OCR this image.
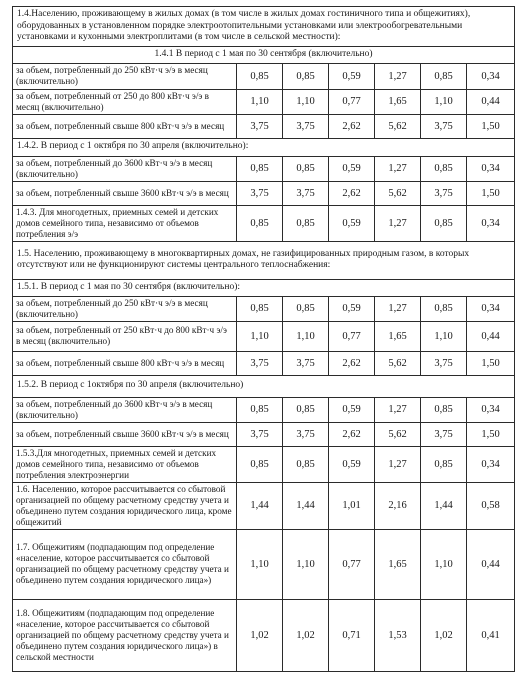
1.4.Населению, проживающему в жилых домах (в том числе в жилых домах гостиничного типа и общежитиях), оборудованных в установленном порядке электроотопительными установками или электрообогревательными установками и кухонными электроплитами (в том числе в сельской местности):						
1.4.1 В период с 1 мая по 30 сентября (включительно)						
за объем, потребленный до 250 кВт·ч э/э в месяц (включительно)	0,85	0,85	0,59	1,27	0,85	0,34
за объем, потребленный от 250 до 800 кВт·ч э/э в месяц (включительно)	1,10	1,10	0,77	1,65	1,10	0,44
за объем, потребленный свыше 800 кВт·ч э/э в месяц	3,75	3,75	2,62	5,62	3,75	1,50
1.4.2. В период с 1 октября по 30 апреля (включительно):						
за объем, потребленный до 3600 кВт·ч э/э в месяц (включительно)	0,85	0,85	0,59	1,27	0,85	0,34
за объем, потребленный свыше 3600 кВт·ч э/э в месяц	3,75	3,75	2,62	5,62	3,75	1,50
1.4.3. Для многодетных, приемных семей и детских домов семейного типа, независимо от объемов потребления э/э	0,85	0,85	0,59	1,27	0,85	0,34
1.5. Населению, проживающему в многоквартирных домах, не газифицированных природным газом, в которых отсутствуют или не функционируют системы центрального теплоснабжения:						
1.5.1. В период с 1 мая по 30 сентября (включительно):						
за объем, потребленный до 250 кВт·ч э/э в месяц (включительно)	0,85	0,85	0,59	1,27	0,85	0,34
за объем, потребленный от 250 кВт·ч до 800 кВт·ч э/э в месяц (включительно)	1,10	1,10	0,77	1,65	1,10	0,44
за объем, потребленный свыше 800 кВт·ч э/э в месяц	3,75	3,75	2,62	5,62	3,75	1,50
1.5.2. В период с 1октября по 30 апреля (включительно)						
за объем, потребленный до 3600 кВт·ч э/э в месяц (включительно)	0,85	0,85	0,59	1,27	0,85	0,34
за объем, потребленный свыше 3600 кВт·ч э/э в месяц	3,75	3,75	2,62	5,62	3,75	1,50
1.5.3.Для многодетных, приемных семей и детских домов семейного типа, независимо от объемов потребления электроэнергии	0,85	0,85	0,59	1,27	0,85	0,34
1.6. Населению, которое рассчитывается со сбытовой организацией по общему расчетному средству учета и объединено путем создания юридического лица, кроме общежитий	1,44	1,44	1,01	2,16	1,44	0,58
1.7. Общежитиям (подпадающим под определение «население, которое рассчитывается со сбытовой организацией по общему расчетному средству учета и объединено путем создания юридического лица»)	1,10	1,10	0,77	1,65	1,10	0,44
1.8. Общежитиям (подпадающим под определение «население, которое рассчитывается со сбытовой организацией по общему расчетному средству учета и объединено путем создания юридического лица») в сельской местности	1,02	1,02	0,71	1,53	1,02	0,41
